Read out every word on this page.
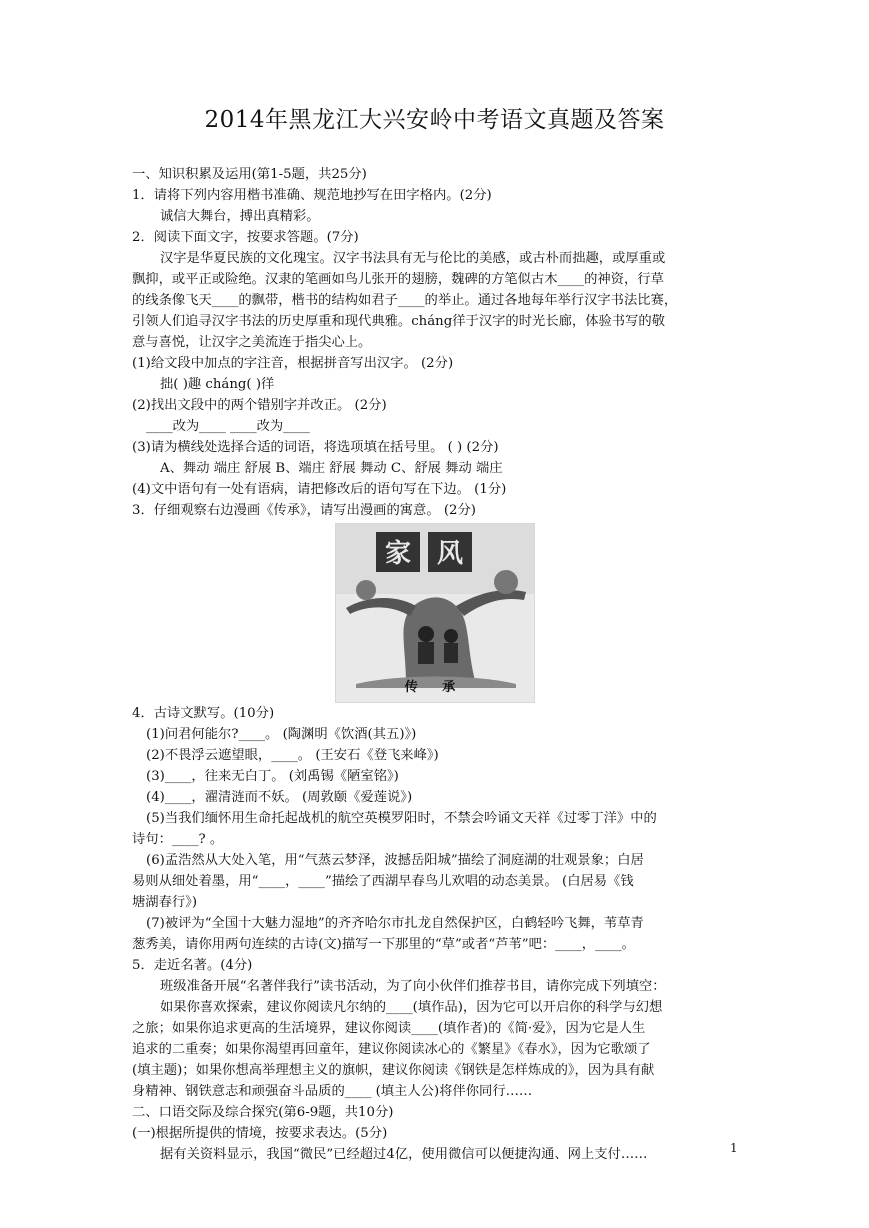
2014年黑龙江大兴安岭中考语文真题及答案
一、知识积累及运用(第1-5题，共25分)
1．请将下列内容用楷书准确、规范地抄写在田字格内。(2分)
诚信大舞台，搏出真精彩。
2．阅读下面文字，按要求答题。(7分)
汉字是华夏民族的文化瑰宝。汉字书法具有无与伦比的美感，或古朴而拙趣，或厚重或
飘抑，或平正或险绝。汉隶的笔画如鸟儿张开的翅膀，魏碑的方笔似古木____的神资，行草
的线条像飞天____的飘带，楷书的结构如君子____的举止。通过各地每年举行汉字书法比赛，
引领人们追寻汉字书法的历史厚重和现代典雅。cháng徉于汉字的时光长廊，体验书写的敬
意与喜悦，让汉字之美流连于指尖心上。
(1)给文段中加点的字注音，根据拼音写出汉字。 (2分)
拙( )趣 cháng( )徉
(2)找出文段中的两个错别字并改正。 (2分)
____改为____ ____改为____
(3)请为横线处选择合适的词语，将选项填在括号里。 ( ) (2分)
A、舞动 端庄 舒展 B、端庄 舒展 舞动 C、舒展 舞动 端庄
(4)文中语句有一处有语病，请把修改后的语句写在下边。 (1分)
3．仔细观察右边漫画《传承》，请写出漫画的寓意。 (2分)
家 风
传 承
4．古诗文默写。(10分)
(1)问君何能尔?____。 (陶渊明《饮酒(其五)》)
(2)不畏浮云遮望眼，____。 (王安石《登飞来峰》)
(3)____，往来无白丁。 (刘禹锡《陋室铭》)
(4)____，濯清涟而不妖。 (周敦颐《爱莲说》)
(5)当我们缅怀用生命托起战机的航空英模罗阳时，不禁会吟诵文天祥《过零丁洋》中的
诗句：____? 。
(6)孟浩然从大处入笔，用“气蒸云梦泽，波撼岳阳城”描绘了洞庭湖的壮观景象；白居
易则从细处着墨，用“____，____”描绘了西湖早春鸟儿欢唱的动态美景。 (白居易《钱
塘湖春行》)
(7)被评为“全国十大魅力湿地”的齐齐哈尔市扎龙自然保护区，白鹤轻吟飞舞，苇草青
葱秀美，请你用两句连续的古诗(文)描写一下那里的“草”或者“芦苇”吧：____，____。
5．走近名著。(4分)
班级准备开展“名著伴我行”读书活动，为了向小伙伴们推荐书目，请你完成下列填空：
如果你喜欢探索，建议你阅读凡尔纳的____(填作品)，因为它可以开启你的科学与幻想
之旅；如果你追求更高的生活境界，建议你阅读____(填作者)的《简·爱》，因为它是人生
追求的二重奏；如果你渴望再回童年，建议你阅读冰心的《繁星》《春水》，因为它歌颂了
(填主题)；如果你想高举理想主义的旗帜，建议你阅读《钢铁是怎样炼成的》，因为具有献
身精神、钢铁意志和顽强奋斗品质的____ (填主人公)将伴你同行……
二、口语交际及综合探究(第6-9题，共10分)
(一)根据所提供的情境，按要求表达。(5分)
据有关资料显示，我国“微民”已经超过4亿，使用微信可以便捷沟通、网上支付……	1
